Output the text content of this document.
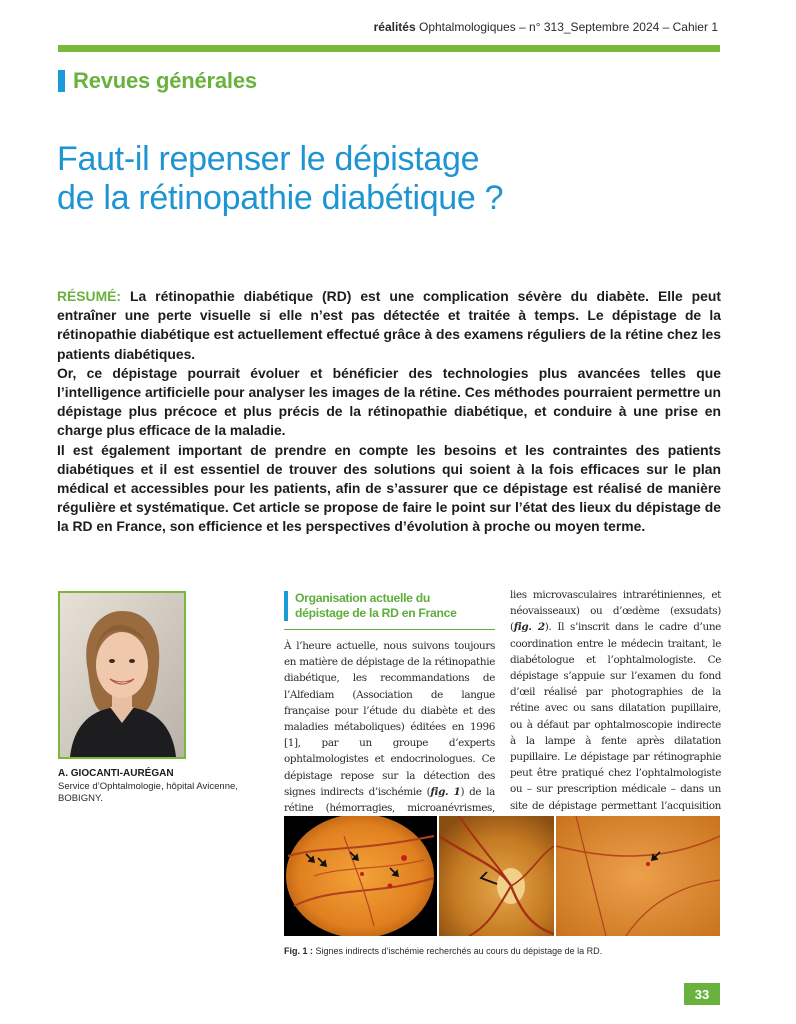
réalités Ophtalmologiques – n° 313_Septembre 2024 – Cahier 1
Revues générales
Faut-il repenser le dépistage
de la rétinopathie diabétique ?

RÉSUMÉ: La rétinopathie diabétique (RD) est une complication sévère du diabète. Elle peut entraîner une perte visuelle si elle n’est pas détectée et traitée à temps. Le dépistage de la rétinopathie diabétique est actuellement effectué grâce à des examens réguliers de la rétine chez les patients diabétiques.

Or, ce dépistage pourrait évoluer et bénéficier des technologies plus avancées telles que l’intelligence artificielle pour analyser les images de la rétine. Ces méthodes pourraient permettre un dépistage plus précoce et plus précis de la rétinopathie diabétique, et conduire à une prise en charge plus efficace de la maladie.

Il est également important de prendre en compte les besoins et les contraintes des patients diabétiques et il est essentiel de trouver des solutions qui soient à la fois efficaces sur le plan médical et accessibles pour les patients, afin de s’assurer que ce dépistage est réalisé de manière régulière et systématique. Cet article se propose de faire le point sur l’état des lieux du dépistage de la RD en France, son efficience et les perspectives d’évolution à proche ou moyen terme.

A. GIOCANTI-AURÉGAN
Service d’Ophtalmologie, hôpital Avicenne,
BOBIGNY.
Organisation actuelle du
dépistage de la RD en France

À l’heure actuelle, nous suivons toujours en matière de dépistage de la rétinopathie diabétique, les recommandations de l’Alfediam (Association de langue française pour l’étude du diabète et des maladies métaboliques) éditées en 1996 [1], par un groupe d’experts ophtalmologistes et endocrinologues. Ce dépistage repose sur la détection des signes indirects d’ischémie (fig. 1) de la rétine (hémorragies, microanévrismes,

lies microvasculaires intrarétiniennes, et néovaisseaux) ou d’œdème (exsudats) (fig. 2). Il s’inscrit dans le cadre d’une coordination entre le médecin traitant, le diabétologue et l’ophtalmologiste. Ce dépistage s’appuie sur l’examen du fond d’œil réalisé par photographies de la rétine avec ou sans dilatation pupillaire, ou à défaut par ophtalmoscopie indirecte à la lampe à fente après dilatation pupillaire. Le dépistage par rétinographie peut être pratiqué chez l’ophtalmologiste ou – sur prescription médicale – dans un site de dépistage permettant l’acquisition

Fig. 1 : Signes indirects d’ischémie recherchés au cours du dépistage de la RD.
33
